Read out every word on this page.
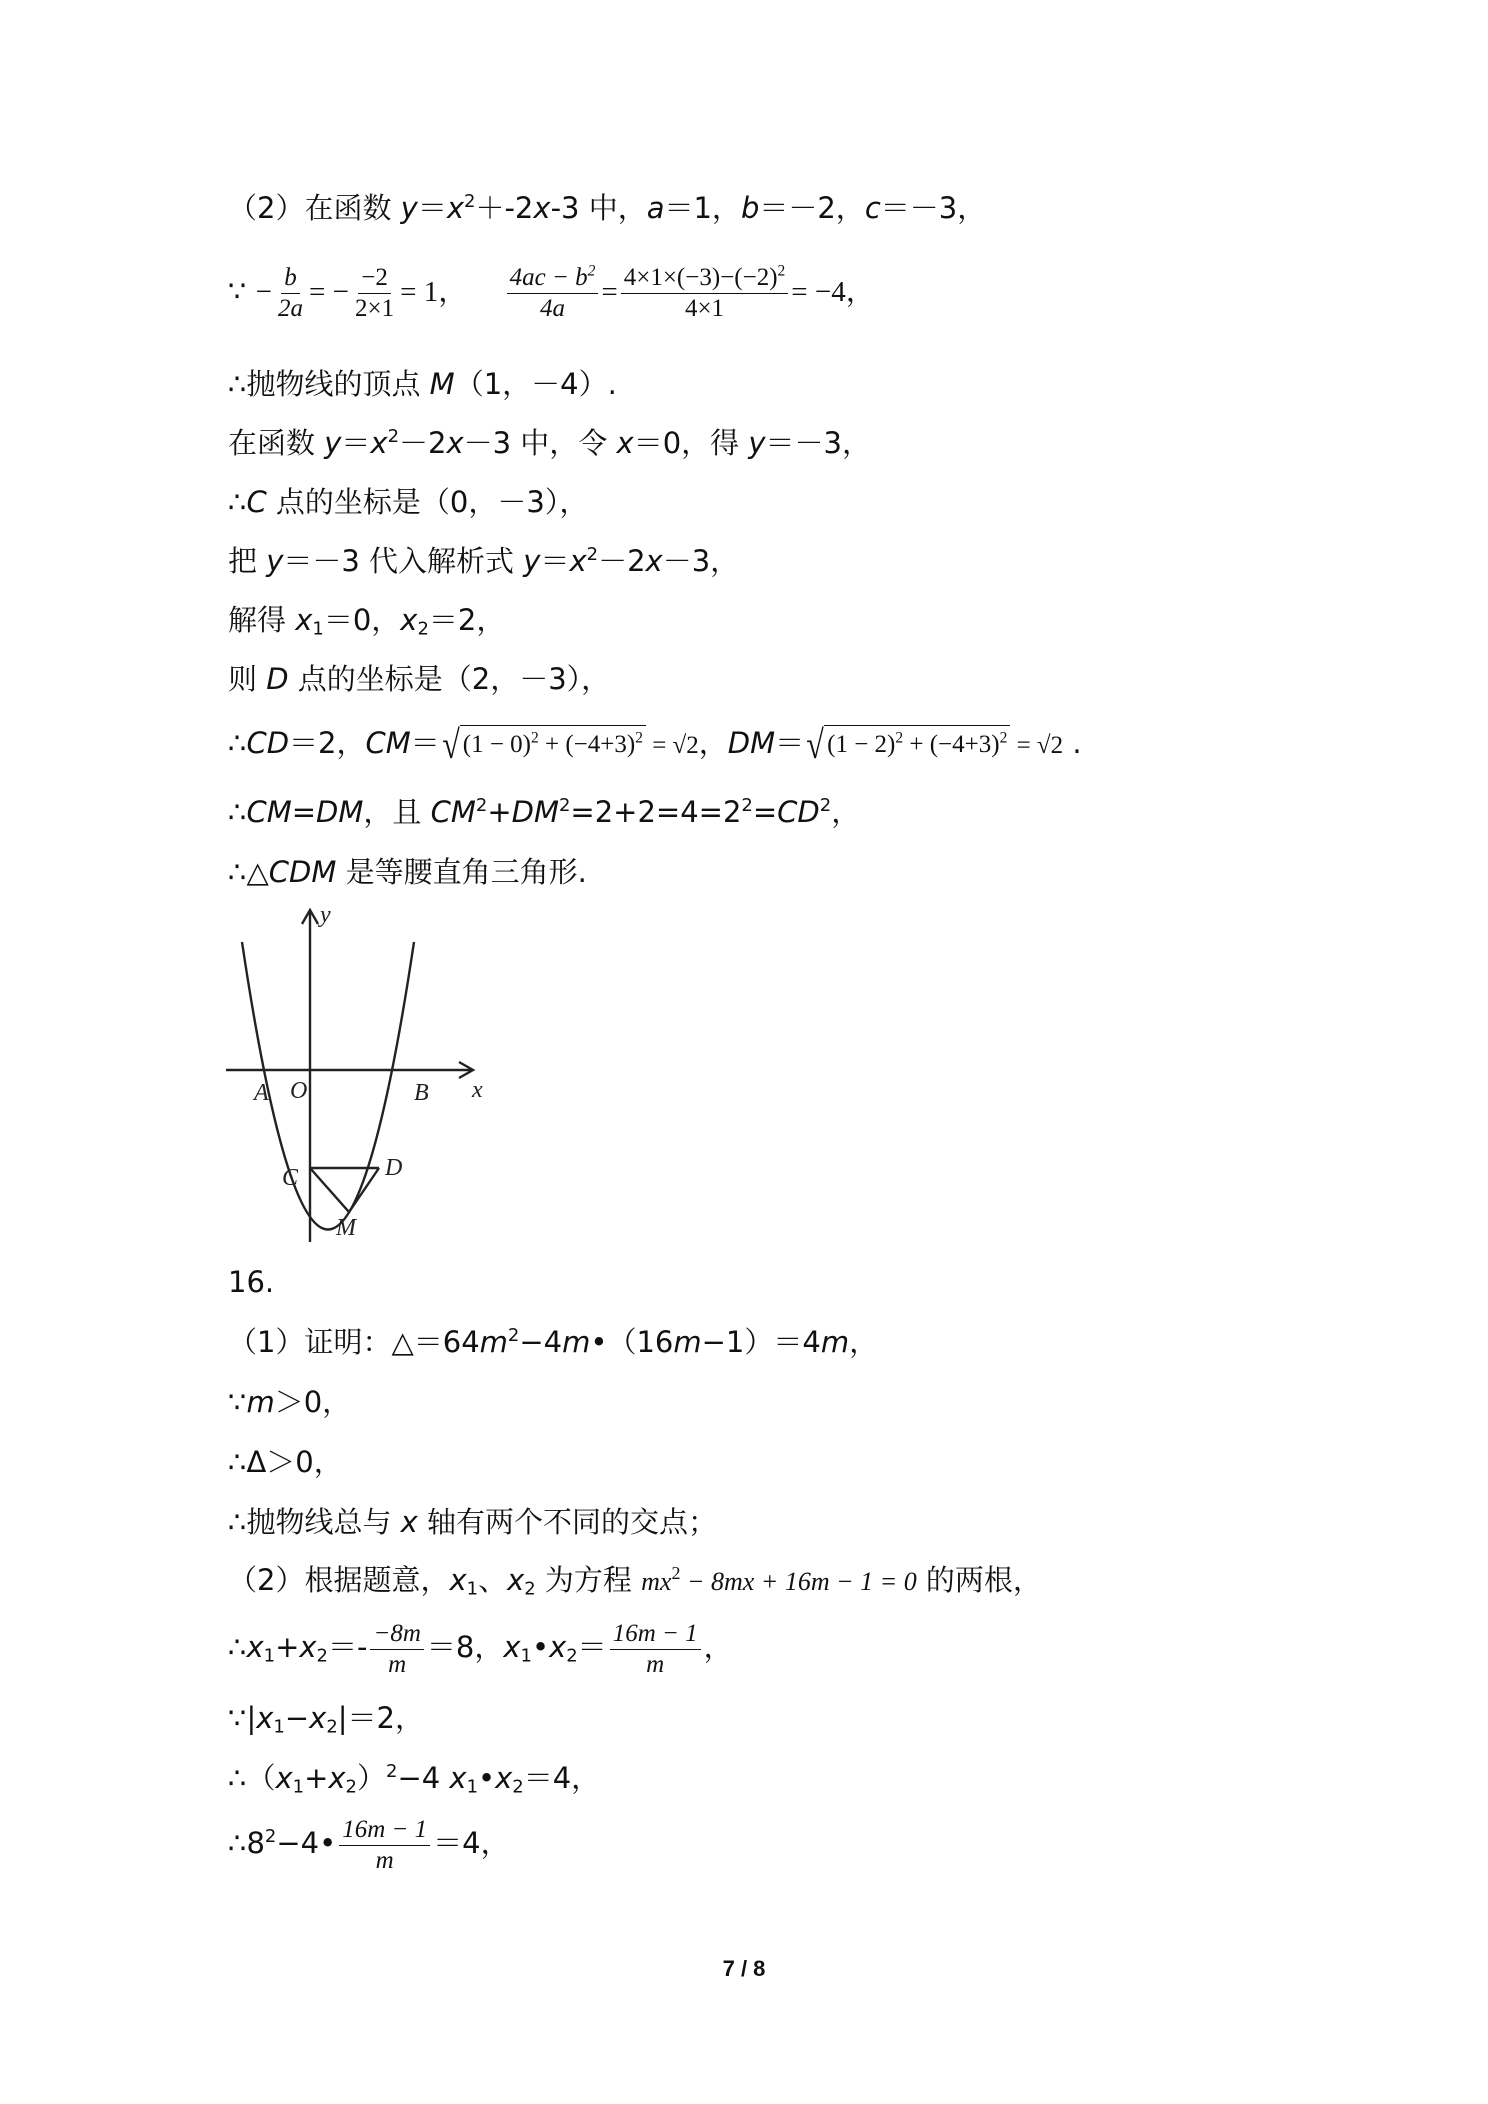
（2）在函数 $y=x^2+-2x-3$ 中，a＝1，b＝－2，c＝－3，
∵ − $\frac{b}{2a}$ = − $\frac{-2}{2\times 1} = 1$， $\frac{4ac - b^2}{4a} = \frac{4\times 1\times(-3)-(-2)^2}{4\times 1} = -4$，
∴抛物线的顶点 M（1，－4）.
在函数 $y=x^2-2x-3$ 中，令 x＝0，得 y＝－3，
∴C 点的坐标是（0，－3），
把 y＝－3 代入解析式 $y=x^2-2x-3$，
解得 $x_1=0$，$x_2=2$，
则 D 点的坐标是（2，－3），
∴CD＝2，CM＝ √ $(1 - 0)^2 + (-4+3)^2 = √2$，DM＝ √ $(1 - 2)^2 + (-4+3)^2 = √2$ .
∴CM=DM，且 $CM^2+DM^2=2+2=4=2^2=CD^2$，
∴△CDM 是等腰直角三角形.
y
x
A O	B
C	D
M
16.
（1）证明：$\triangle=64m^2-4m•(16m-1)=4m$，
∵m＞0，
∴Δ＞0，
∴抛物线总与 x 轴有两个不同的交点；
（2）根据题意，$x_1$、$x_2$ 为方程 $mx^2 - 8mx + 16m - 1 = 0$ 的两根，
$\therefore x_1+x_2=- \frac{-8m}{m} =8$，$x_1•x_2= \frac{16m - 1}{m}$ ，
$\because|x_1-x_2|=2$，
$\therefore(x_1+x_2)^2-4$ $x_1•x_2=4$，
$\therefore 8^2-4• \frac{16m - 1}{m} =4$，
7 / 8
